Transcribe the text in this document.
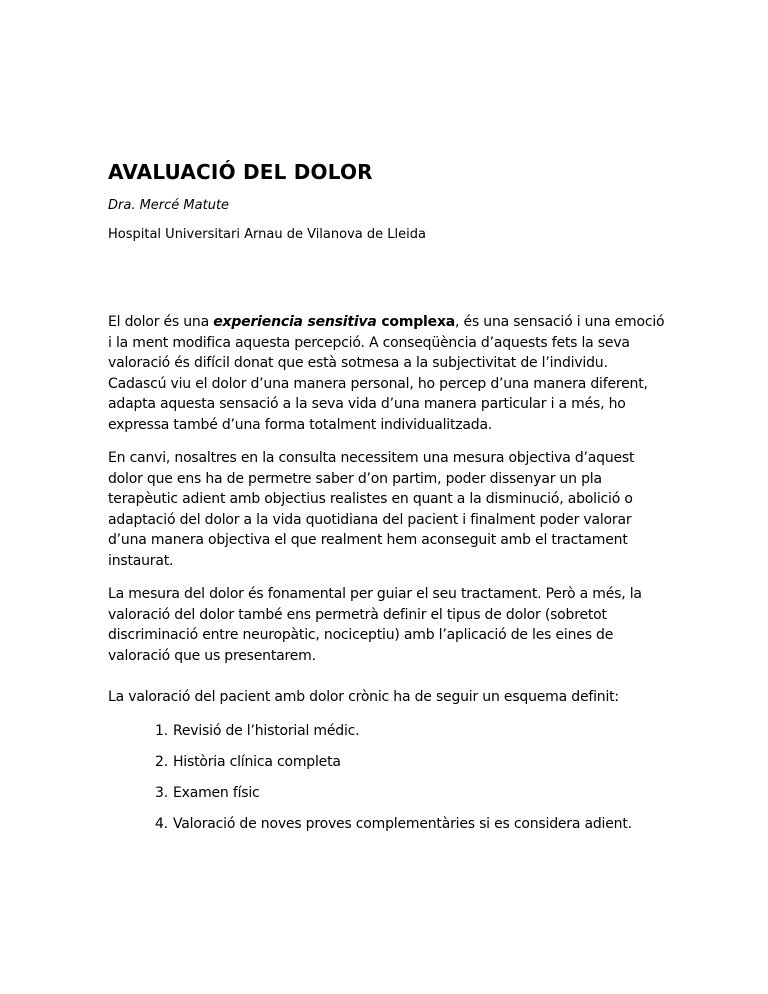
AVALUACIÓ DEL DOLOR

Dra. Mercé Matute

Hospital Universitari Arnau de Vilanova de Lleida

El dolor és una experiencia sensitiva complexa, és una sensació i una emoció i la ment modifica aquesta percepció. A conseqüència d’aquests fets la seva valoració és difícil donat que està sotmesa a la subjectivitat de l’individu. Cadascú viu el dolor d’una manera personal, ho percep d’una manera diferent, adapta aquesta sensació a la seva vida d’una manera particular i a més, ho expressa també d’una forma totalment individualitzada.

En canvi, nosaltres en la consulta necessitem una mesura objectiva d’aquest dolor que ens ha de permetre saber d’on partim, poder dissenyar un pla terapèutic adient amb objectius realistes en quant a la disminució, abolició o adaptació del dolor a la vida quotidiana del pacient i finalment poder valorar d’una manera objectiva el que realment hem aconseguit amb el tractament instaurat.

La mesura del dolor és fonamental per guiar el seu tractament. Però a més, la valoració del dolor també ens permetrà definir el tipus de dolor (sobretot discriminació entre neuropàtic, nociceptiu) amb l’aplicació de les eines de valoració que us presentarem.

La valoració del pacient amb dolor crònic ha de seguir un esquema definit:

1. Revisió de l’historial médic.
2. Història clínica completa
3. Examen físic
4. Valoració de noves proves complementàries si es considera adient.
